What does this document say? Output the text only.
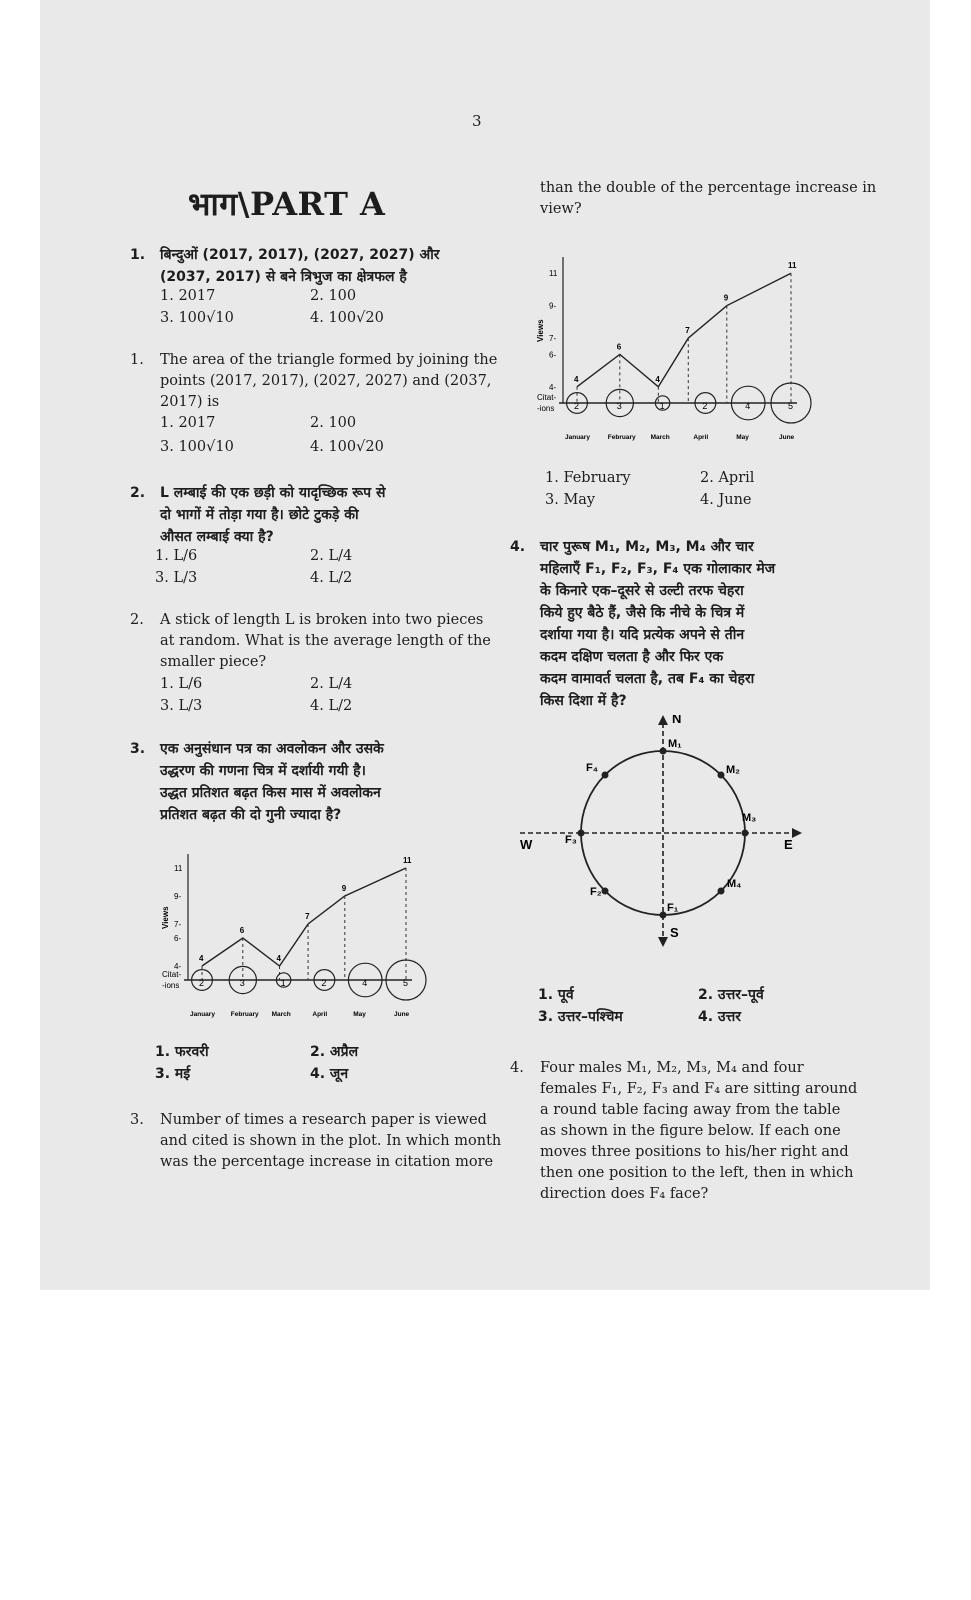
3
भाग\PART A
1. बिन्दुओं (2017, 2017), (2027, 2027) और
(2037, 2017) से बने त्रिभुज का क्षेत्रफल है
1. 2017	2. 100
3. 100√10	4. 100√20
1. The area of the triangle formed by joining the
points (2017, 2017), (2027, 2027) and (2037,
2017) is
1. 2017	2. 100
3. 100√10	4. 100√20
2. L लम्बाई की एक छड़ी को यादृच्छिक रूप से
दो भागों में तोड़ा गया है। छोटे टुकड़े की
औसत लम्बाई क्या है?
1. L/6	2. L/4
3. L/3	4. L/2
2. A stick of length L is broken into two pieces
at random. What is the average length of the
smaller piece?
1. L/6	2. L/4
3. L/3	4. L/2
3. एक अनुसंधान पत्र का अवलोकन और उसके
उद्धरण की गणना चित्र में दर्शायी गयी है।
उद्धत प्रतिशत बढ़त किस मास में अवलोकन
प्रतिशत बढ़त की दो गुनी ज्यादा है?
Views
4-
6-
7-
9-
11
Citat-
-ions
4
6
4
7
9
11
2
January
3
February
1
March
2
April
4
May
5
June
1. फरवरी	2. अप्रैल
3. मई	4. जून
3. Number of times a research paper is viewed
and cited is shown in the plot. In which month
was the percentage increase in citation more
than the double of the percentage increase in
view?
Views
4-
6-
7-
9-
11
Citat-
-ions
4
6
4
7
9
11
2
January
3
February
1
March
2
April
4
May
5
June
1. February	2. April
3. May	4. June
4. चार पुरूष M₁, M₂, M₃, M₄ और चार
महिलाएँ F₁, F₂, F₃, F₄ एक गोलाकार मेज
के किनारे एक–दूसरे से उल्टी तरफ चेहरा
किये हुए बैठे हैं, जैसे कि नीचे के चित्र में
दर्शाया गया है। यदि प्रत्येक अपने से तीन
कदम दक्षिण चलता है और फिर एक
कदम वामावर्त चलता है, तब F₄ का चेहरा
किस दिशा में है?
N
S
E
W
M₁
M₂
M₃
M₄
F₁
F₂
F₃
F₄
1. पूर्व	2. उत्तर–पूर्व
3. उत्तर–पश्चिम	4. उत्तर
4. Four males M₁, M₂, M₃, M₄ and four
females F₁, F₂, F₃ and F₄ are sitting around
a round table facing away from the table
as shown in the figure below. If each one
moves three positions to his/her right and
then one position to the left, then in which
direction does F₄ face?
